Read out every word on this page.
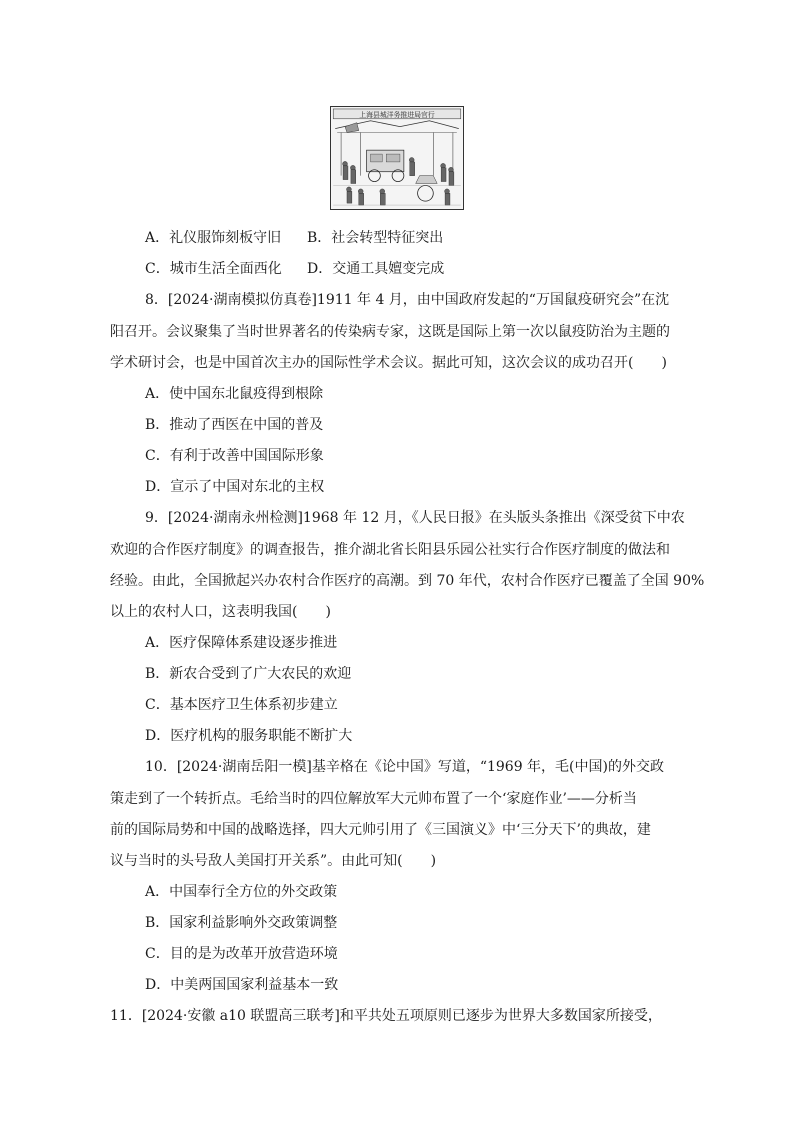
上海县城洋务推进局官行
A．礼仪服饰刻板守旧 B．社会转型特征突出
C．城市生活全面西化 D．交通工具嬗变完成
8．[2024·湖南模拟仿真卷]1911 年 4 月，由中国政府发起的“万国鼠疫研究会”在沈
阳召开。会议聚集了当时世界著名的传染病专家，这既是国际上第一次以鼠疫防治为主题的
学术研讨会，也是中国首次主办的国际性学术会议。据此可知，这次会议的成功召开(　　)
A．使中国东北鼠疫得到根除
B．推动了西医在中国的普及
C．有利于改善中国国际形象
D．宣示了中国对东北的主权
9．[2024·湖南永州检测]1968 年 12 月，《人民日报》在头版头条推出《深受贫下中农
欢迎的合作医疗制度》的调查报告，推介湖北省长阳县乐园公社实行合作医疗制度的做法和
经验。由此，全国掀起兴办农村合作医疗的高潮。到 70 年代，农村合作医疗已覆盖了全国 90%
以上的农村人口，这表明我国(　　)
A．医疗保障体系建设逐步推进
B．新农合受到了广大农民的欢迎
C．基本医疗卫生体系初步建立
D．医疗机构的服务职能不断扩大
10．[2024·湖南岳阳一模]基辛格在《论中国》写道，“1969 年，毛(中国)的外交政
策走到了一个转折点。毛给当时的四位解放军大元帅布置了一个‘家庭作业’——分析当
前的国际局势和中国的战略选择，四大元帅引用了《三国演义》中‘三分天下’的典故，建
议与当时的头号敌人美国打开关系”。由此可知(　　)
A．中国奉行全方位的外交政策
B．国家利益影响外交政策调整
C．目的是为改革开放营造环境
D．中美两国国家利益基本一致
11．[2024·安徽 a10 联盟高三联考]和平共处五项原则已逐步为世界大多数国家所接受，
